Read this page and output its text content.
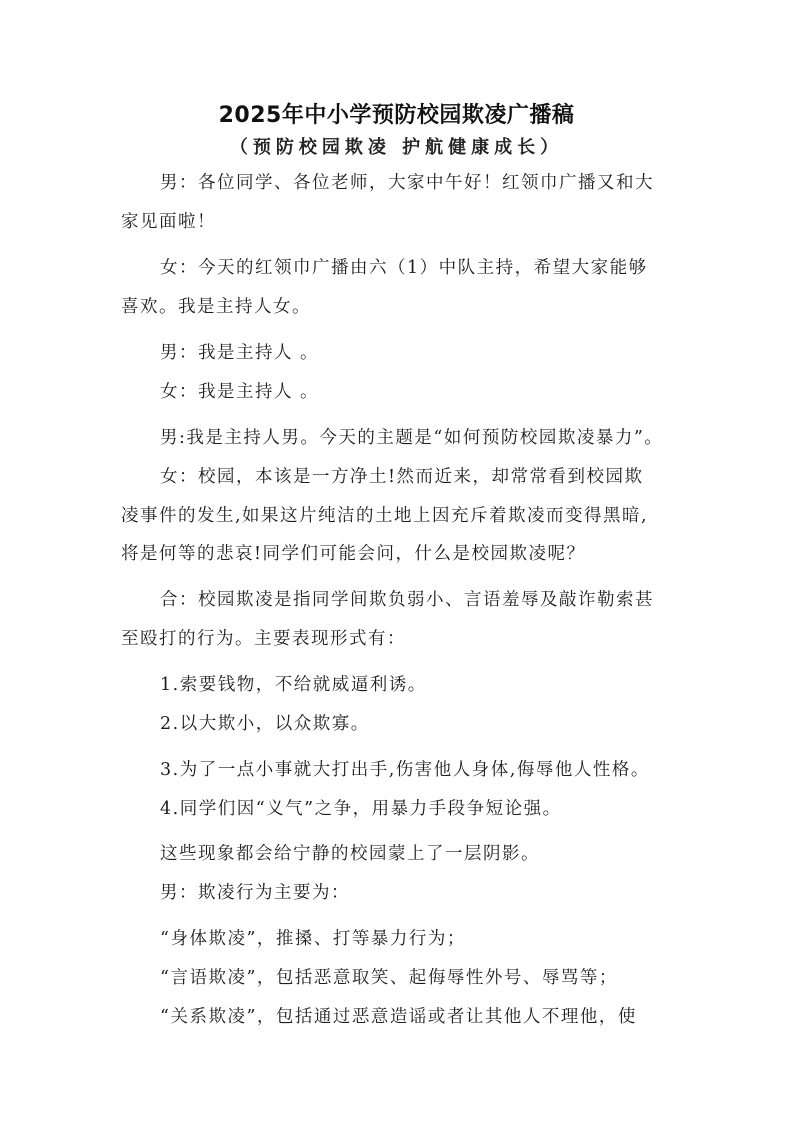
2025年中小学预防校园欺凌广播稿
（预防校园欺凌 护航健康成长）
男：各位同学、各位老师，大家中午好！红领巾广播又和大
家见面啦！
女：今天的红领巾广播由六（1）中队主持，希望大家能够
喜欢。我是主持人女。
男：我是主持人 。
女：我是主持人 。
男:我是主持人男。今天的主题是“如何预防校园欺凌暴力”。
女：校园，本该是一方净土!然而近来，却常常看到校园欺
凌事件的发生,如果这片纯洁的土地上因充斥着欺凌而变得黑暗,
将是何等的悲哀!同学们可能会问，什么是校园欺凌呢？
合：校园欺凌是指同学间欺负弱小、言语羞辱及敲诈勒索甚
至殴打的行为。主要表现形式有：
1.索要钱物，不给就威逼利诱。
2.以大欺小，以众欺寡。
3.为了一点小事就大打出手,伤害他人身体,侮辱他人性格。
4.同学们因“义气”之争，用暴力手段争短论强。
这些现象都会给宁静的校园蒙上了一层阴影。
男：欺凌行为主要为：
“身体欺凌”，推搡、打等暴力行为；
“言语欺凌”，包括恶意取笑、起侮辱性外号、辱骂等；
“关系欺凌”，包括通过恶意造谣或者让其他人不理他，使
